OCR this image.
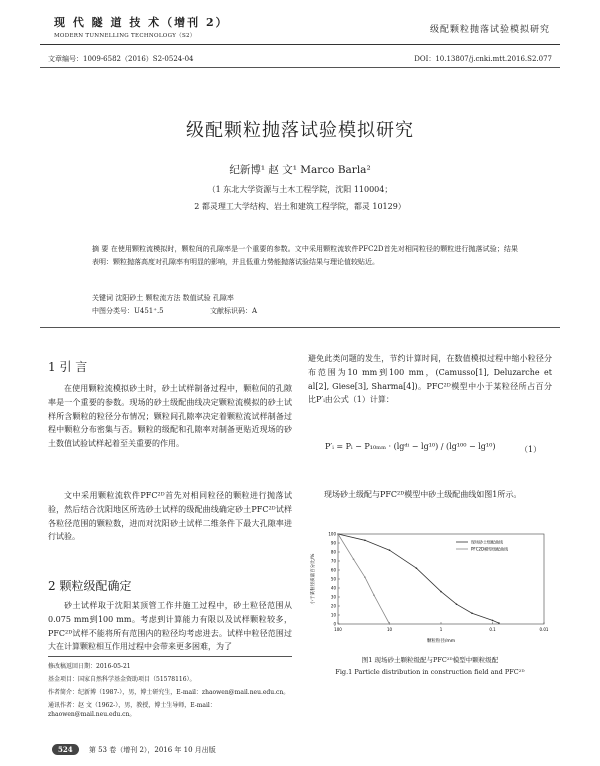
现 代 隧 道 技 术（增刊 2）
MODERN TUNNELLING TECHNOLOGY（S2）
级配颗粒抛落试验模拟研究
文章编号：1009-6582（2016）S2-0524-04	DOI：10.13807/j.cnki.mtt.2016.S2.077
级配颗粒抛落试验模拟研究
纪新博¹ 赵 文¹ Marco Barla²
（1 东北大学资源与土木工程学院，沈阳 110004；
2 都灵理工大学结构、岩土和建筑工程学院，都灵 10129）
摘 要 在使用颗粒流模拟时，颗粒间的孔隙率是一个重要的参数。文中采用颗粒流软件PFC2D首先对相同粒径的颗粒进行抛落试验；结果表明：颗粒抛落高度对孔隙率有明显的影响，并且低重力势能抛落试验结果与理论值较贴近。
关键词 沈阳砂土 颗粒流方法 数值试验 孔隙率
中图分类号：U451⁺.5	文献标识码：A
1 引 言
在使用颗粒流模拟砂土时，砂土试样制备过程中，颗粒间的孔隙率是一个重要的参数。现场的砂土级配曲线决定颗粒流模拟的砂土试样所含颗粒的粒径分布情况；颗粒间孔隙率决定着颗粒流试样制备过程中颗粒分布密集与否。颗粒的级配和孔隙率对制备更贴近现场的砂土数值试验试样起着至关重要的作用。
文中采用颗粒流软件PFC²ᴰ首先对相同粒径的颗粒进行抛落试验，然后结合沈阳地区所选砂土试样的级配曲线确定砂土PFC²ᴰ试样各粒径范围的颗粒数，进而对沈阳砂土试样二维条件下最大孔隙率进行试验。
2 颗粒级配确定
砂土试样取于沈阳某顶管工作井施工过程中，砂土粒径范围从0.075 mm到100 mm。考虑到计算能力有限以及试样颗粒较多，PFC²ᴰ试样不能将所有范围内的粒径均考虑进去。试样中粒径范围过大在计算颗粒相互作用过程中会带来更多困难，为了
避免此类问题的发生，节约计算时间，在数值模拟过程中缩小粒径分布范围为10 mm到100 mm，(Camusso[1], Deluzarche et al[2], Giese[3], Sharma[4])。PFC²ᴰ模型中小于某粒径所占百分比P′ᵢ由公式（1）计算：
P′ᵢ = Pᵢ − P₁₀ₘₘ · (lgᵈⁱ − lg¹⁰) / (lg¹⁰⁰ − lg¹⁰)	（1）
现场砂土级配与PFC²ᴰ模型中砂土级配曲线如图1所示。
0
10
20
30
40
50
60
70
80
90
100
100	10	1	0.1	0.01
现场砂土级配曲线
PFC2D模型级配曲线
颗粒粒径/mm
小于某粒径质量百分比/%
图1 现场砂土颗粒级配与PFC²ᴰ模型中颗粒级配
Fig.1 Particle distribution in construction field and PFC²ᴰ
修改稿返回日期：2016-05-21
基金项目：国家自然科学基金资助项目（51578116）。
作者简介：纪新博（1987-），男，博士研究生，E-mail：zhaowen@mail.neu.edu.cn。
通讯作者：赵 文（1962-），男，教授，博士生导师，E-mail：zhaowen@mail.neu.edu.cn。
524 第 53 卷（增刊 2），2016 年 10 月出版
